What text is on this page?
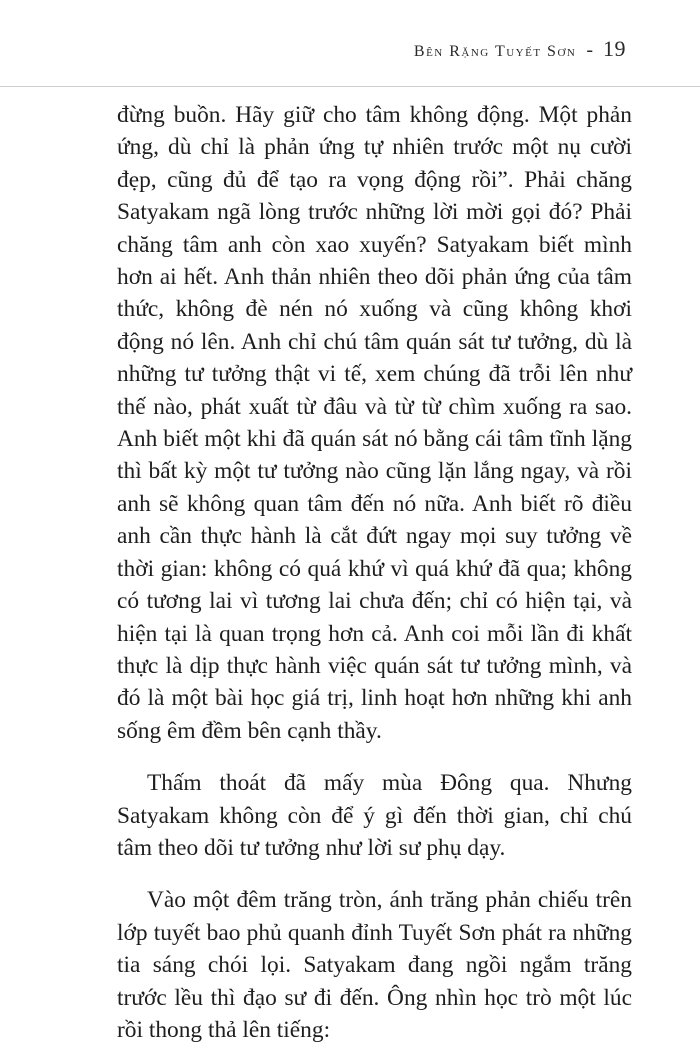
Bên Rặng Tuyết Sơn - 19

đừng buồn. Hãy giữ cho tâm không động. Một phản ứng, dù chỉ là phản ứng tự nhiên trước một nụ cười đẹp, cũng đủ để tạo ra vọng động rồi”. Phải chăng Satyakam ngã lòng trước những lời mời gọi đó? Phải chăng tâm anh còn xao xuyến? Satyakam biết mình hơn ai hết. Anh thản nhiên theo dõi phản ứng của tâm thức, không đè nén nó xuống và cũng không khơi động nó lên. Anh chỉ chú tâm quán sát tư tưởng, dù là những tư tưởng thật vi tế, xem chúng đã trỗi lên như thế nào, phát xuất từ đâu và từ từ chìm xuống ra sao. Anh biết một khi đã quán sát nó bằng cái tâm tĩnh lặng thì bất kỳ một tư tưởng nào cũng lặn lắng ngay, và rồi anh sẽ không quan tâm đến nó nữa. Anh biết rõ điều anh cần thực hành là cắt đứt ngay mọi suy tưởng về thời gian: không có quá khứ vì quá khứ đã qua; không có tương lai vì tương lai chưa đến; chỉ có hiện tại, và hiện tại là quan trọng hơn cả. Anh coi mỗi lần đi khất thực là dịp thực hành việc quán sát tư tưởng mình, và đó là một bài học giá trị, linh hoạt hơn những khi anh sống êm đềm bên cạnh thầy.

Thấm thoát đã mấy mùa Đông qua. Nhưng Satyakam không còn để ý gì đến thời gian, chỉ chú tâm theo dõi tư tưởng như lời sư phụ dạy.

Vào một đêm trăng tròn, ánh trăng phản chiếu trên lớp tuyết bao phủ quanh đỉnh Tuyết Sơn phát ra những tia sáng chói lọi. Satyakam đang ngồi ngắm trăng trước lều thì đạo sư đi đến. Ông nhìn học trò một lúc rồi thong thả lên tiếng:
